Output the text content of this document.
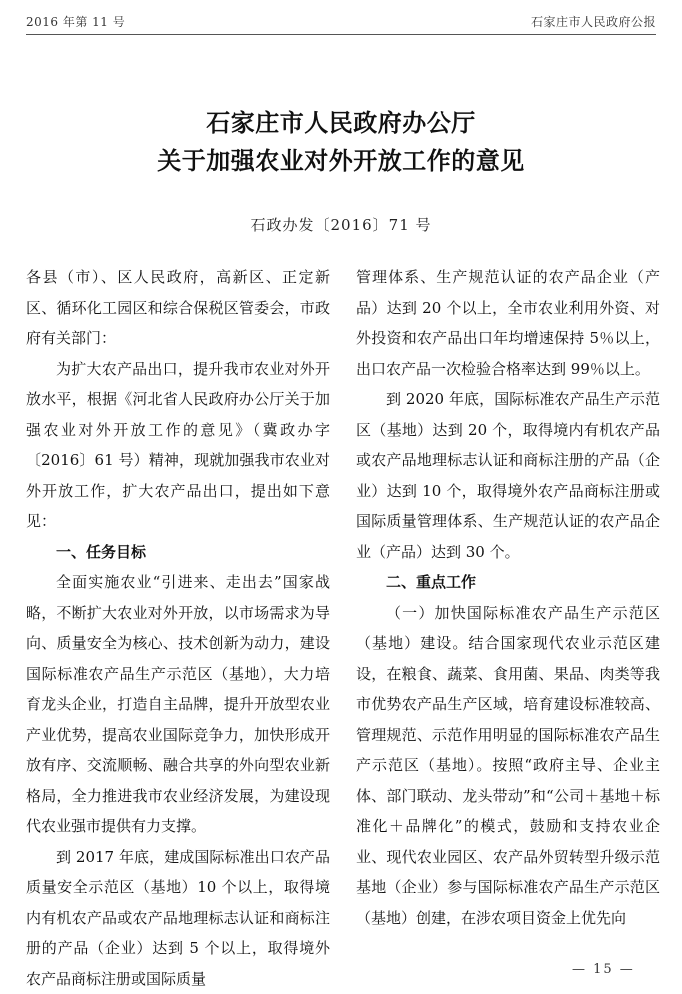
2016 年第 11 号	石家庄市人民政府公报
石家庄市人民政府办公厅
关于加强农业对外开放工作的意见
石政办发〔2016〕71 号

各县（市）、区人民政府，高新区、正定新区、循环化工园区和综合保税区管委会，市政府有关部门：

为扩大农产品出口，提升我市农业对外开放水平，根据《河北省人民政府办公厅关于加强农业对外开放工作的意见》（冀政办字〔2016〕61 号）精神，现就加强我市农业对外开放工作，扩大农产品出口，提出如下意见：

一、任务目标

全面实施农业“引进来、走出去”国家战略，不断扩大农业对外开放，以市场需求为导向、质量安全为核心、技术创新为动力，建设国际标准农产品生产示范区（基地），大力培育龙头企业，打造自主品牌，提升开放型农业产业优势，提高农业国际竞争力，加快形成开放有序、交流顺畅、融合共享的外向型农业新格局，全力推进我市农业经济发展，为建设现代农业强市提供有力支撑。

到 2017 年底，建成国际标准出口农产品质量安全示范区（基地）10 个以上，取得境内有机农产品或农产品地理标志认证和商标注册的产品（企业）达到 5 个以上，取得境外农产品商标注册或国际质量

管理体系、生产规范认证的农产品企业（产品）达到 20 个以上，全市农业利用外资、对外投资和农产品出口年均增速保持 5％以上，出口农产品一次检验合格率达到 99％以上。

到 2020 年底，国际标准农产品生产示范区（基地）达到 20 个，取得境内有机农产品或农产品地理标志认证和商标注册的产品（企业）达到 10 个，取得境外农产品商标注册或国际质量管理体系、生产规范认证的农产品企业（产品）达到 30 个。

二、重点工作

（一）加快国际标准农产品生产示范区（基地）建设。结合国家现代农业示范区建设，在粮食、蔬菜、食用菌、果品、肉类等我市优势农产品生产区域，培育建设标准较高、管理规范、示范作用明显的国际标准农产品生产示范区（基地）。按照“政府主导、企业主体、部门联动、龙头带动”和“公司＋基地＋标准化＋品牌化”的模式，鼓励和支持农业企业、现代农业园区、农产品外贸转型升级示范基地（企业）参与国际标准农产品生产示范区（基地）创建，在涉农项目资金上优先向

— 15 —
